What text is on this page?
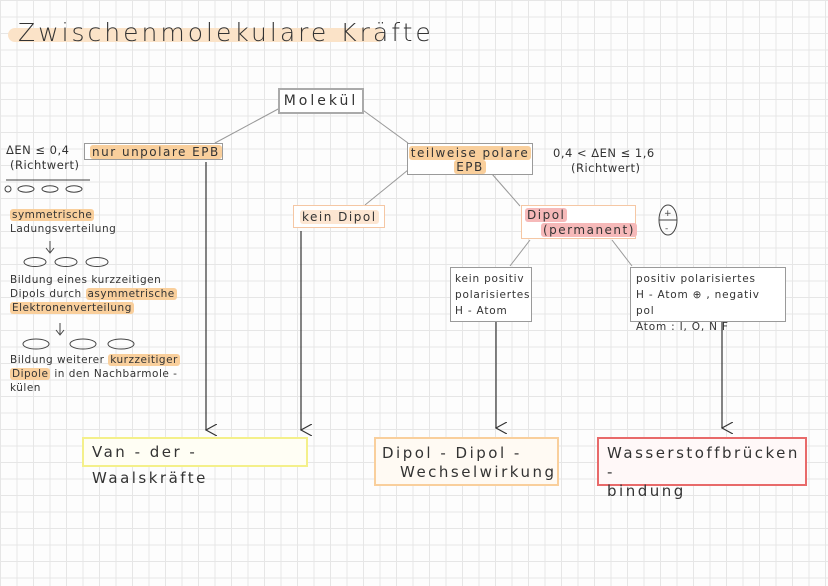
Zwischenmolekulare Kräfte
+
-
Molekül
nur unpolare EPB
ΔEN ≤ 0,4
(Richtwert)
teilweise polare
EPB
0,4 < ΔEN ≤ 1,6
(Richtwert)
kein Dipol	Dipol
(permanent)
kein positiv
polarisiertes
H - Atom
positiv polarisiertes
H - Atom ⊕ , negativ pol
Atom : I, O, N F
symmetrische
Ladungsverteilung
Bildung eines kurzzeitigen
Dipols durch asymmetrische
Elektronenverteilung
Bildung weiterer kurzzeitiger
Dipole in den Nachbarmole -
külen
Van - der - Waalskräfte
Dipol - Dipol -
Wechselwirkung
Wasserstoffbrücken -
bindung
